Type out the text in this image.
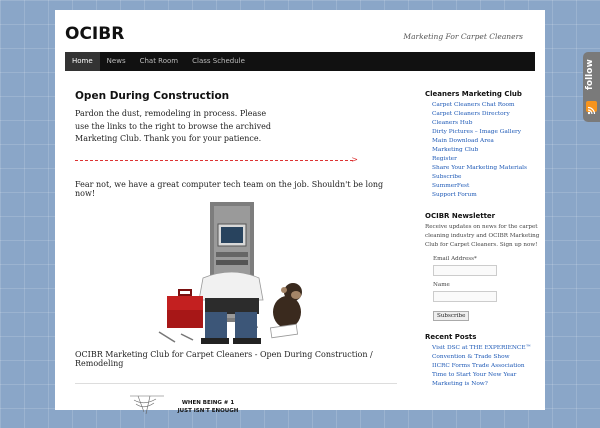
OCIBR	Marketing For Carpet Cleaners
Home	News	Chat Room	Class Schedule
Open During Construction

Pardon the dust, remodeling in process. Please use the links to the right to browse the archived Marketing Club. Thank you for your patience.

>

Fear not, we have a great computer tech team on the job. Shouldn't be long now!

OCIBR Marketing Club for Carpet Cleaners - Open During Construction / Remodeling

WHEN BEING # 1
JUST ISN'T ENOUGH
Cleaners Marketing Club
Carpet Cleaners Chat Room
Carpet Cleaners Directory
Cleaners Hub
Dirty Pictures – Image Gallery
Main Download Area
Marketing Club
Register
Share Your Marketing Materials
Subscribe
SummerFest
Support Forum
OCIBR Newsletter

Receive updates on news for the carpet cleaning industry and OCIBR Marketing Club for Carpet Cleaners. Sign up now!

Email Address*
Name
Subscribe
Recent Posts
Visit DSC at THE EXPERIENCE™ Convention & Trade Show
IICRC Forms Trade Association
Time to Start Your New Year Marketing is Now?
follow
